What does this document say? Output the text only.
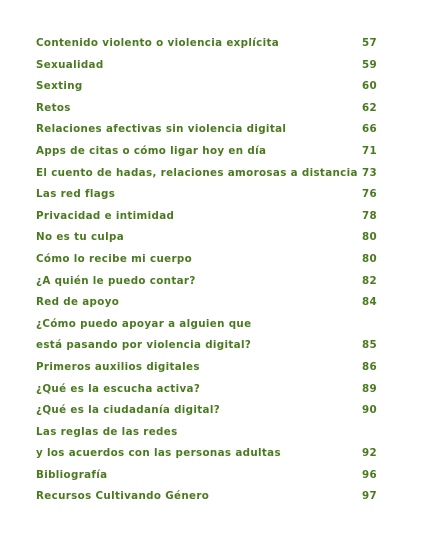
Contenido violento o violencia explícita	57
Sexualidad	59
Sexting	60
Retos	62
Relaciones afectivas sin violencia digital	66
Apps de citas o cómo ligar hoy en día	71
El cuento de hadas, relaciones amorosas a distancia 73
Las red flags	76
Privacidad e intimidad	78
No es tu culpa	80
Cómo lo recibe mi cuerpo	80
¿A quién le puedo contar?	82
Red de apoyo	84
¿Cómo puedo apoyar a alguien que
está pasando por violencia digital?	85
Primeros auxilios digitales	86
¿Qué es la escucha activa?	89
¿Qué es la ciudadanía digital?	90
Las reglas de las redes
y los acuerdos con las personas adultas	92
Bibliografía	96
Recursos Cultivando Género	97
